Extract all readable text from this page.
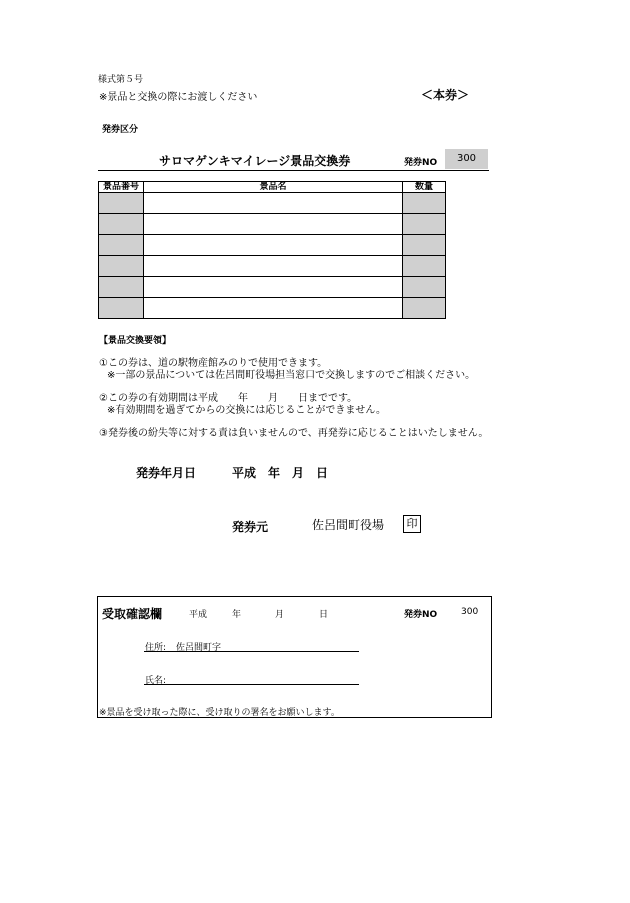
様式第５号
※景品と交換の際にお渡しください	＜本券＞
発券区分
サロマゲンキマイレージ景品交換券	発券NO	300
景品番号	景品名	数量

【景品交換要領】
①この券は、道の駅物産館みのりで使用できます。
※一部の景品については佐呂間町役場担当窓口で交換しますのでご相談ください。
②この券の有効期間は平成　　年　　月　　日までです。
※有効期間を過ぎてからの交換には応じることができません。
③発券後の紛失等に対する責は負いませんので、再発券に応じることはいたしません。
発券年月日	平成　年　月　日
発券元	佐呂間町役場	印
受取確認欄	平成	年	月	日	発券NO	300
住所: 佐呂間町字
氏名:
※景品を受け取った際に、受け取りの署名をお願いします。
